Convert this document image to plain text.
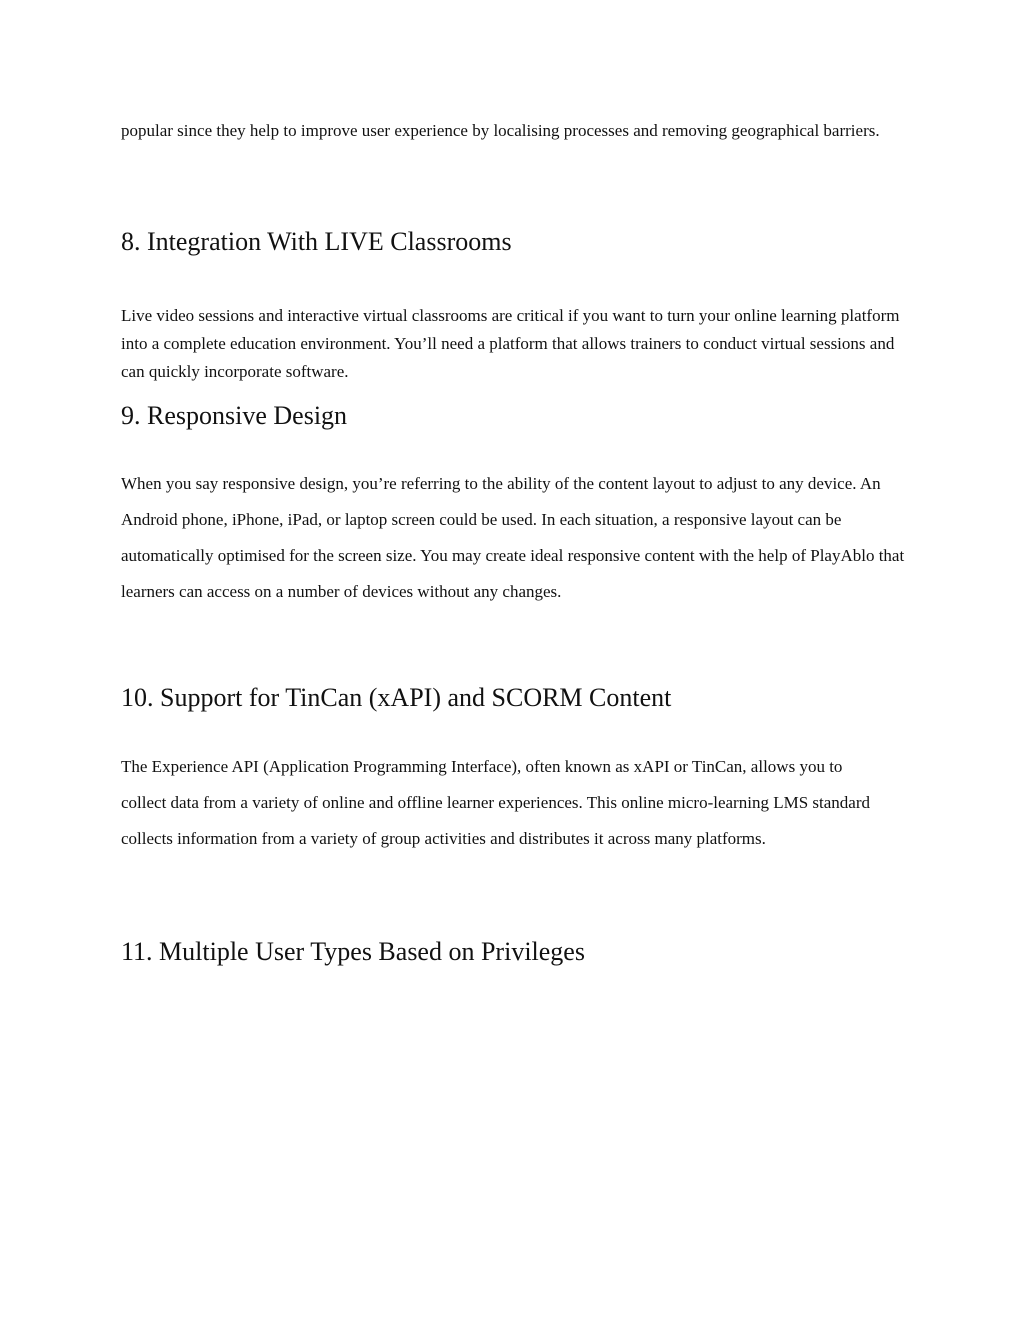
popular since they help to improve user experience by localising processes and removing geographical barriers.

8. Integration With LIVE Classrooms

Live video sessions and interactive virtual classrooms are critical if you want to turn your online learning platform into a complete education environment. You’ll need a platform that allows trainers to conduct virtual sessions and can quickly incorporate software.

9. Responsive Design

When you say responsive design, you’re referring to the ability of the content layout to adjust to any device. An Android phone, iPhone, iPad, or laptop screen could be used. In each situation, a responsive layout can be automatically optimised for the screen size. You may create ideal responsive content with the help of PlayAblo that learners can access on a number of devices without any changes.

10. Support for TinCan (xAPI) and SCORM Content

The Experience API (Application Programming Interface), often known as xAPI or TinCan, allows you to collect data from a variety of online and offline learner experiences. This online micro-learning LMS standard collects information from a variety of group activities and distributes it across many platforms.

11. Multiple User Types Based on Privileges
